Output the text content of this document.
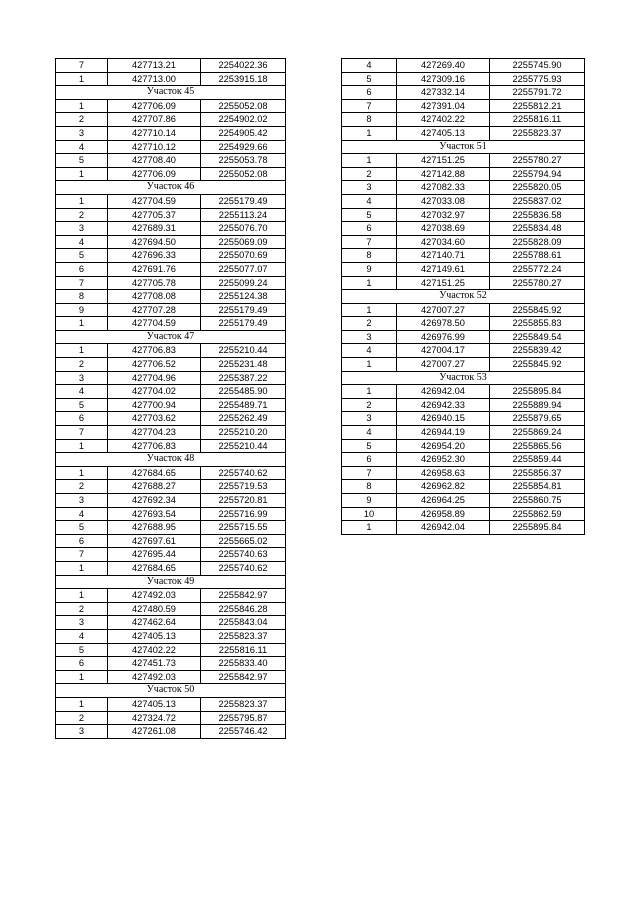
7	427713.21	2254022.36
1	427713.00	2253915.18
Участок 45		
1	427706.09	2255052.08
2	427707.86	2254902.02
3	427710.14	2254905.42
4	427710.12	2254929.66
5	427708.40	2255053.78
1	427706.09	2255052.08
Участок 46		
1	427704.59	2255179.49
2	427705.37	2255113.24
3	427689.31	2255076.70
4	427694.50	2255069.09
5	427696.33	2255070.69
6	427691.76	2255077.07
7	427705.78	2255099.24
8	427708.08	2255124.38
9	427707.28	2255179.49
1	427704.59	2255179.49
Участок 47		
1	427706.83	2255210.44
2	427706.52	2255231.48
3	427704.96	2255387.22
4	427704.02	2255485.90
5	427700.94	2255489.71
6	427703.62	2255262.49
7	427704.23	2255210.20
1	427706.83	2255210.44
Участок 48		
1	427684.65	2255740.62
2	427688.27	2255719.53
3	427692.34	2255720.81
4	427693.54	2255716.99
5	427688.95	2255715.55
6	427697.61	2255665.02
7	427695.44	2255740.63
1	427684.65	2255740.62
Участок 49		
1	427492.03	2255842.97
2	427480.59	2255846.28
3	427462.64	2255843.04
4	427405.13	2255823.37
5	427402.22	2255816.11
6	427451.73	2255833.40
1	427492.03	2255842.97
Участок 50		
1	427405.13	2255823.37
2	427324.72	2255795.87
3	427261.08	2255746.42
4	427269.40	2255745.90
5	427309.16	2255775.93
6	427332.14	2255791.72
7	427391.04	2255812.21
8	427402.22	2255816.11
1	427405.13	2255823.37
Участок 51		
1	427151.25	2255780.27
2	427142.88	2255794.94
3	427082.33	2255820.05
4	427033.08	2255837.02
5	427032.97	2255836.58
6	427038.69	2255834.48
7	427034.60	2255828.09
8	427140.71	2255788.61
9	427149.61	2255772.24
1	427151.25	2255780.27
Участок 52		
1	427007.27	2255845.92
2	426978.50	2255855.83
3	426976.99	2255849.54
4	427004.17	2255839.42
1	427007.27	2255845.92
Участок 53		
1	426942.04	2255895.84
2	426942.33	2255889.94
3	426940.15	2255879.65
4	426944.19	2255869.24
5	426954.20	2255865.56
6	426952.30	2255859.44
7	426958.63	2255856.37
8	426962.82	2255854.81
9	426964.25	2255860.75
10	426958.89	2255862.59
1	426942.04	2255895.84
